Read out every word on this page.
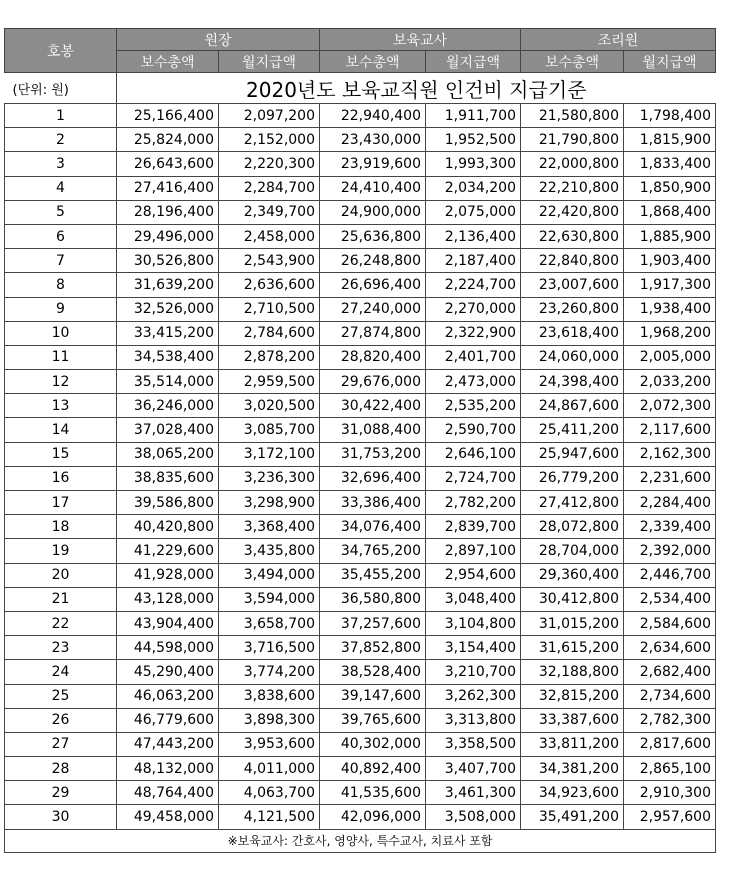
(단위: 원)	2020년도 보육교직원 인건비 지급기준					
호봉	원장		보육교사		조리원	
	보수총액	월지급액	보수총액	월지급액	보수총액	월지급액
1	25,166,400	2,097,200	22,940,400	1,911,700	21,580,800	1,798,400
2	25,824,000	2,152,000	23,430,000	1,952,500	21,790,800	1,815,900
3	26,643,600	2,220,300	23,919,600	1,993,300	22,000,800	1,833,400
4	27,416,400	2,284,700	24,410,400	2,034,200	22,210,800	1,850,900
5	28,196,400	2,349,700	24,900,000	2,075,000	22,420,800	1,868,400
6	29,496,000	2,458,000	25,636,800	2,136,400	22,630,800	1,885,900
7	30,526,800	2,543,900	26,248,800	2,187,400	22,840,800	1,903,400
8	31,639,200	2,636,600	26,696,400	2,224,700	23,007,600	1,917,300
9	32,526,000	2,710,500	27,240,000	2,270,000	23,260,800	1,938,400
10	33,415,200	2,784,600	27,874,800	2,322,900	23,618,400	1,968,200
11	34,538,400	2,878,200	28,820,400	2,401,700	24,060,000	2,005,000
12	35,514,000	2,959,500	29,676,000	2,473,000	24,398,400	2,033,200
13	36,246,000	3,020,500	30,422,400	2,535,200	24,867,600	2,072,300
14	37,028,400	3,085,700	31,088,400	2,590,700	25,411,200	2,117,600
15	38,065,200	3,172,100	31,753,200	2,646,100	25,947,600	2,162,300
16	38,835,600	3,236,300	32,696,400	2,724,700	26,779,200	2,231,600
17	39,586,800	3,298,900	33,386,400	2,782,200	27,412,800	2,284,400
18	40,420,800	3,368,400	34,076,400	2,839,700	28,072,800	2,339,400
19	41,229,600	3,435,800	34,765,200	2,897,100	28,704,000	2,392,000
20	41,928,000	3,494,000	35,455,200	2,954,600	29,360,400	2,446,700
21	43,128,000	3,594,000	36,580,800	3,048,400	30,412,800	2,534,400
22	43,904,400	3,658,700	37,257,600	3,104,800	31,015,200	2,584,600
23	44,598,000	3,716,500	37,852,800	3,154,400	31,615,200	2,634,600
24	45,290,400	3,774,200	38,528,400	3,210,700	32,188,800	2,682,400
25	46,063,200	3,838,600	39,147,600	3,262,300	32,815,200	2,734,600
26	46,779,600	3,898,300	39,765,600	3,313,800	33,387,600	2,782,300
27	47,443,200	3,953,600	40,302,000	3,358,500	33,811,200	2,817,600
28	48,132,000	4,011,000	40,892,400	3,407,700	34,381,200	2,865,100
29	48,764,400	4,063,700	41,535,600	3,461,300	34,923,600	2,910,300
30	49,458,000	4,121,500	42,096,000	3,508,000	35,491,200	2,957,600
※보육교사: 간호사, 영양사, 특수교사, 치료사 포함						
